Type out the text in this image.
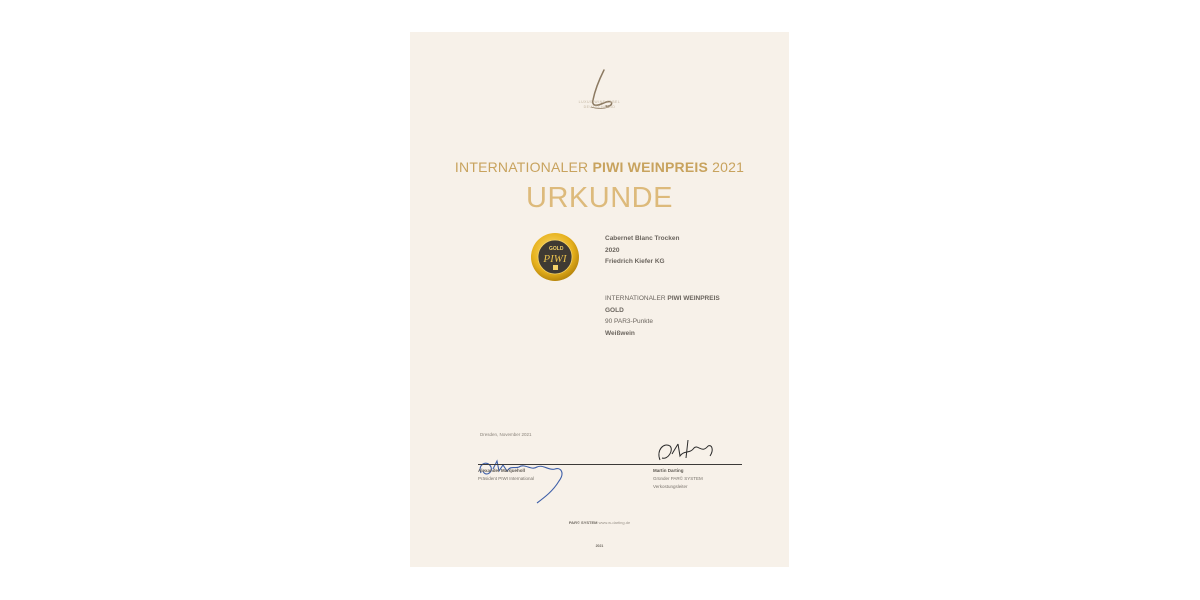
LUXUS WINE LABEL
DEUTSCHLAND
INTERNATIONALER PIWI WEINPREIS 2021
URKUNDE
GOLD
PIWI
Cabernet Blanc Trocken
2020
Friedrich Kiefer KG
INTERNATIONALER PIWI WEINPREIS
GOLD
90 PAR3-Punkte
Weißwein
Dresden, November 2021
Alexander Marqueholl
Präsident PIWI International
Martin Darting
Gründer PAR© SYSTEM
Verkostungsleiter
PAR© SYSTEM www.w-darting.de
2021
